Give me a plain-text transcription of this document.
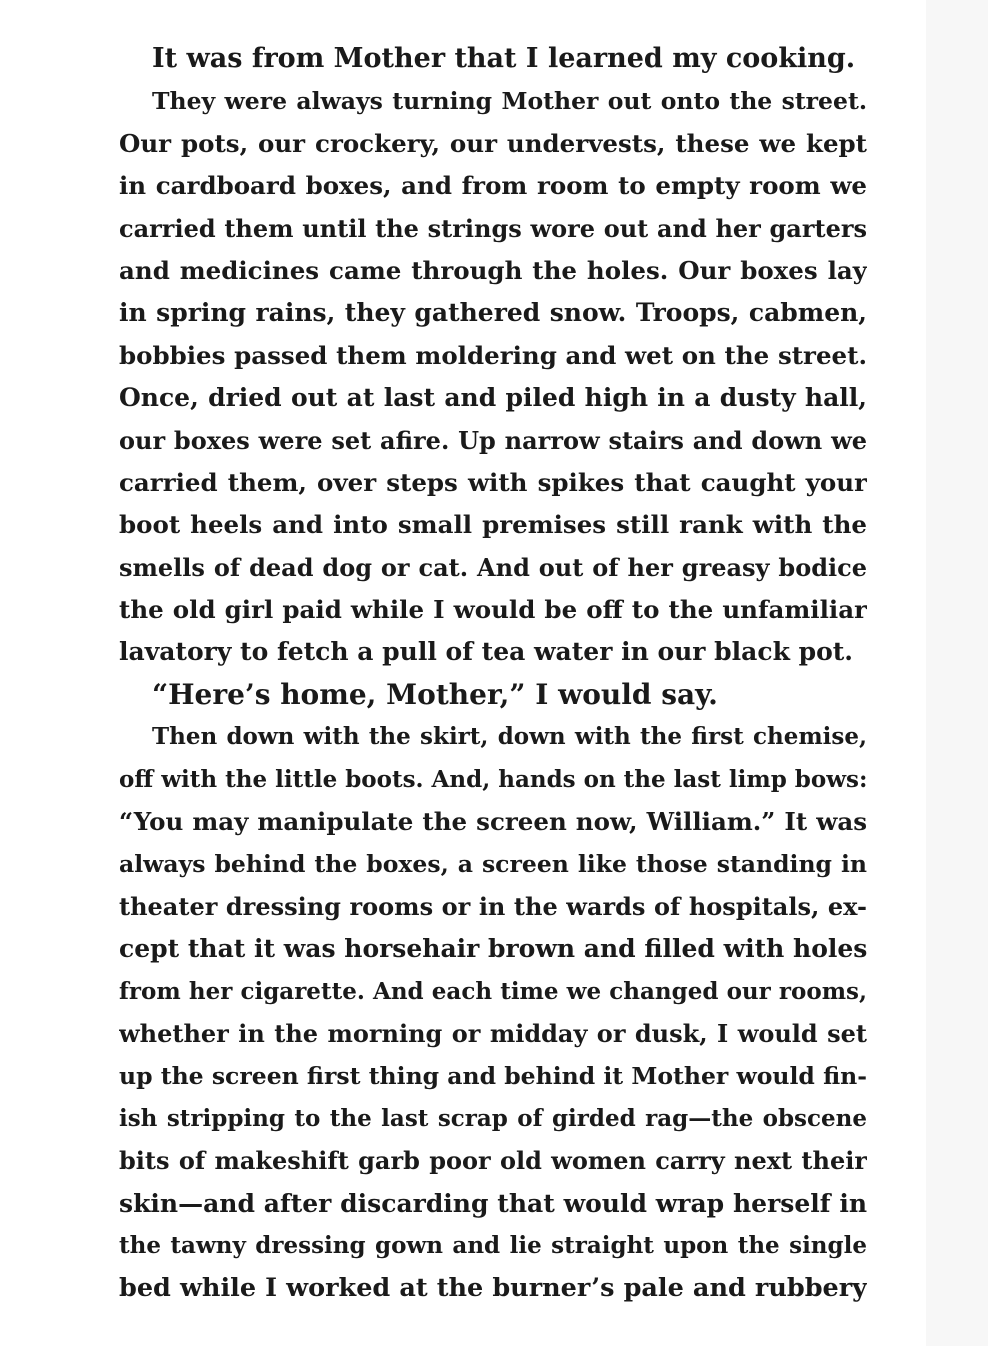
It was from Mother that I learned my cooking.
They were always turning Mother out onto the street.
Our pots, our crockery, our undervests, these we kept
in cardboard boxes, and from room to empty room we
carried them until the strings wore out and her garters
and medicines came through the holes. Our boxes lay
in spring rains, they gathered snow. Troops, cabmen,
bobbies passed them moldering and wet on the street.
Once, dried out at last and piled high in a dusty hall,
our boxes were set afire. Up narrow stairs and down we
carried them, over steps with spikes that caught your
boot heels and into small premises still rank with the
smells of dead dog or cat. And out of her greasy bodice
the old girl paid while I would be off to the unfamiliar
lavatory to fetch a pull of tea water in our black pot.
“Here’s home, Mother,” I would say.
Then down with the skirt, down with the first chemise,
off with the little boots. And, hands on the last limp bows:
“You may manipulate the screen now, William.” It was
always behind the boxes, a screen like those standing in
theater dressing rooms or in the wards of hospitals, ex-
cept that it was horsehair brown and filled with holes
from her cigarette. And each time we changed our rooms,
whether in the morning or midday or dusk, I would set
up the screen first thing and behind it Mother would fin-
ish stripping to the last scrap of girded rag—the obscene
bits of makeshift garb poor old women carry next their
skin—and after discarding that would wrap herself in
the tawny dressing gown and lie straight upon the single
bed while I worked at the burner’s pale and rubbery
